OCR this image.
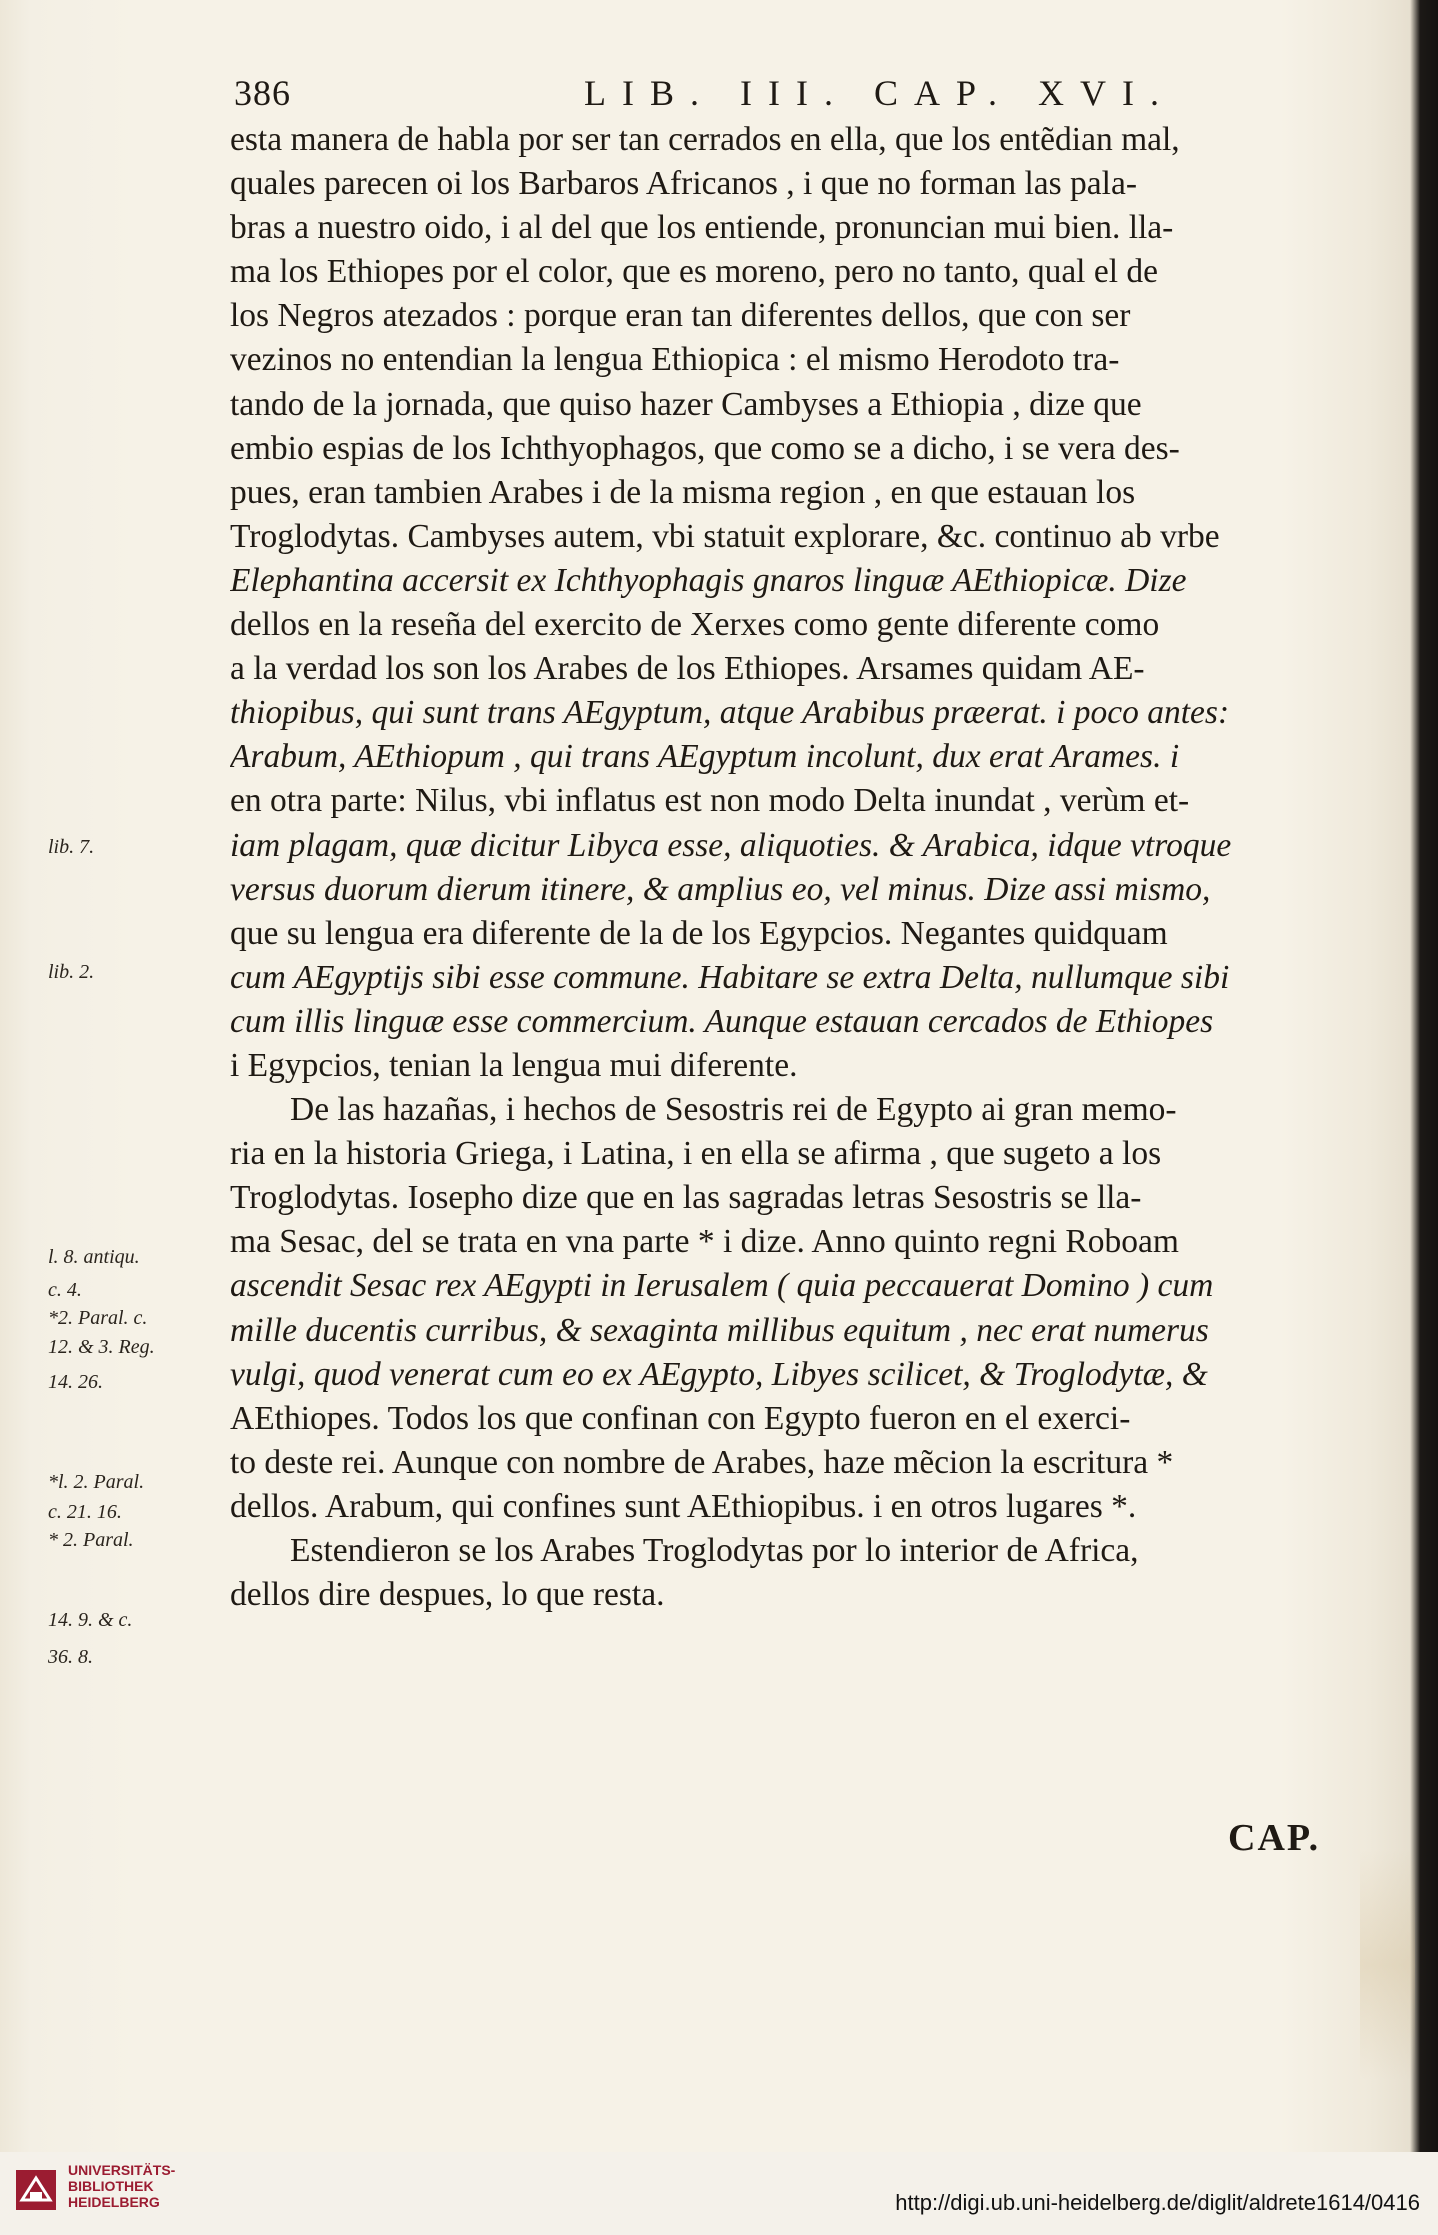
386	LIB. III. CAP. XVI.
esta manera de habla por ser tan cerrados en ella, que los entẽdian mal,
quales parecen oi los Barbaros Africanos , i que no forman las pala-
bras a nuestro oido, i al del que los entiende, pronuncian mui bien. lla-
ma los Ethiopes por el color, que es moreno, pero no tanto, qual el de
los Negros atezados : porque eran tan diferentes dellos, que con ser
vezinos no entendian la lengua Ethiopica : el mismo Herodoto tra-
tando de la jornada, que quiso hazer Cambyses a Ethiopia , dize que
embio espias de los Ichthyophagos, que como se a dicho, i se vera des-
pues, eran tambien Arabes i de la misma region , en que estauan los
Troglodytas. Cambyses autem, vbi statuit explorare, &c. continuo ab vrbe
Elephantina accersit ex Ichthyophagis gnaros linguæ AEthiopicæ. Dize
dellos en la reseña del exercito de Xerxes como gente diferente como
a la verdad los son los Arabes de los Ethiopes. Arsames quidam AE-
thiopibus, qui sunt trans AEgyptum, atque Arabibus præerat. i poco antes:
Arabum, AEthiopum , qui trans AEgyptum incolunt, dux erat Arames. i
en otra parte: Nilus, vbi inflatus est non modo Delta inundat , verùm et-
iam plagam, quæ dicitur Libyca esse, aliquoties. & Arabica, idque vtroque
versus duorum dierum itinere, & amplius eo, vel minus. Dize assi mismo,
que su lengua era diferente de la de los Egypcios. Negantes quidquam
cum AEgyptijs sibi esse commune. Habitare se extra Delta, nullumque sibi
cum illis linguæ esse commercium. Aunque estauan cercados de Ethiopes
i Egypcios, tenian la lengua mui diferente.
De las hazañas, i hechos de Sesostris rei de Egypto ai gran memo-
ria en la historia Griega, i Latina, i en ella se afirma , que sugeto a los
Troglodytas. Iosepho dize que en las sagradas letras Sesostris se lla-
ma Sesac, del se trata en vna parte * i dize. Anno quinto regni Roboam
ascendit Sesac rex AEgypti in Ierusalem ( quia peccauerat Domino ) cum
mille ducentis curribus, & sexaginta millibus equitum , nec erat numerus
vulgi, quod venerat cum eo ex AEgypto, Libyes scilicet, & Troglodytæ, &
AEthiopes. Todos los que confinan con Egypto fueron en el exerci-
to deste rei. Aunque con nombre de Arabes, haze mẽcion la escritura *
dellos. Arabum, qui confines sunt AEthiopibus. i en otros lugares *.
Estendieron se los Arabes Troglodytas por lo interior de Africa,
dellos dire despues, lo que resta.
lib. 7.
lib. 2.
l. 8. antiqu.
c. 4.
*2. Paral. c.
12. & 3. Reg.
14. 26.
*l. 2. Paral.
c. 21. 16.
* 2. Paral.
14. 9. & c.
36. 8.
CAP.
UNIVERSITÄTS-
BIBLIOTHEK
HEIDELBERG	http://digi.ub.uni-heidelberg.de/diglit/aldrete1614/0416
